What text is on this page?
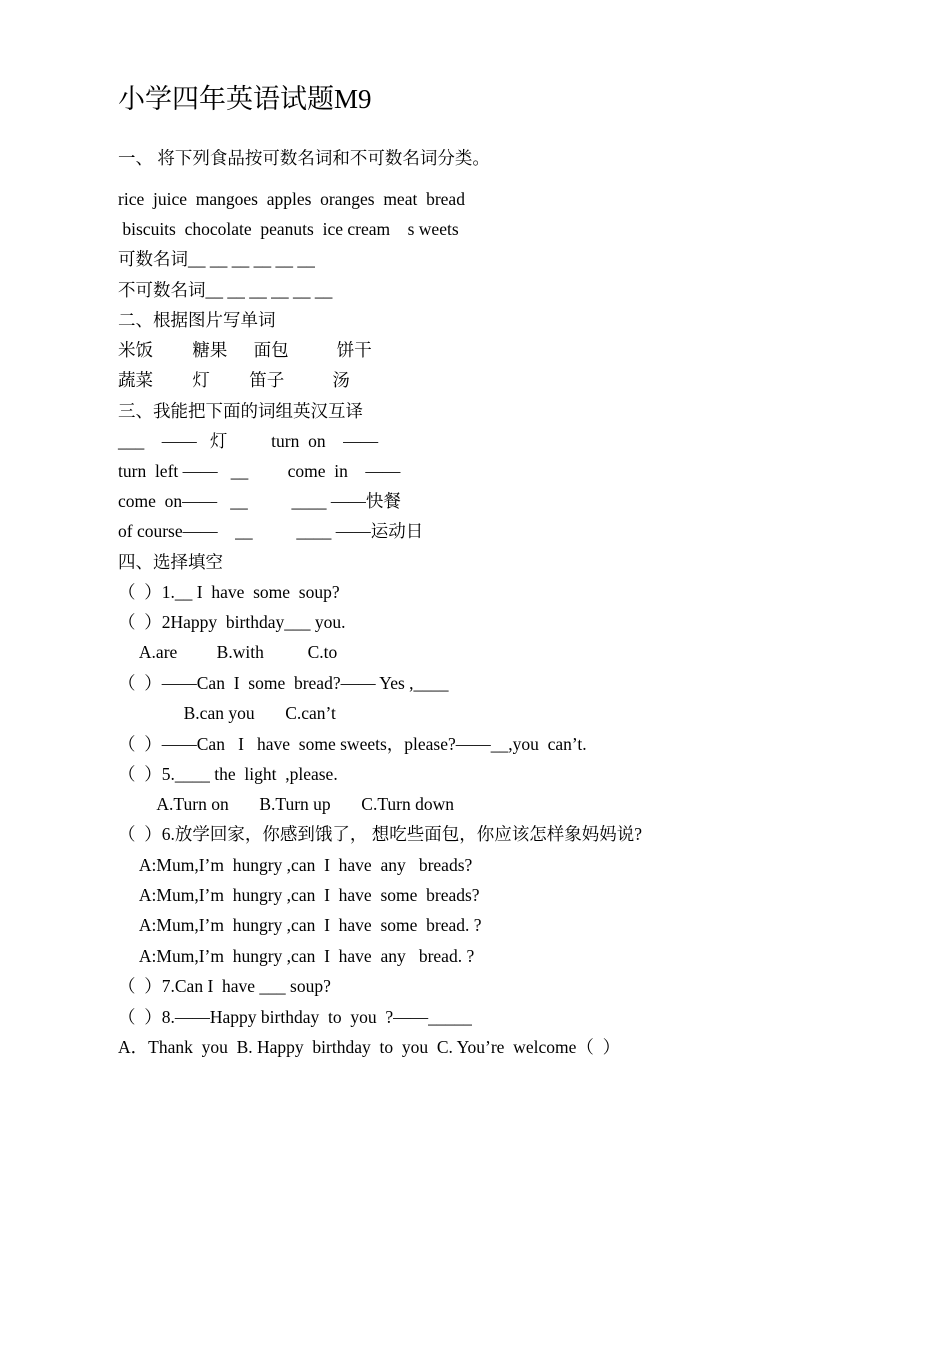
小学四年英语试题M9
一、 将下列食品按可数名词和不可数名词分类。
rice  juice  mangoes  apples  oranges  meat  bread
biscuits  chocolate  peanuts  ice cream    s weets
可数名词__ __ __ __ __ __
不可数名词__ __ __ __ __ __
二、根据图片写单词
米饭         糖果      面包           饼干
蔬菜         灯         笛子           汤
三、我能把下面的词组英汉互译
___    ——   灯          turn  on    ——
turn  left ——   __         come  in    ——
come  on——   __          ____ ——快餐
of course——    __          ____ ——运动日
四、选择填空
（  ）1.__ I  have  some  soup?
（  ）2Happy  birthday___ you.
A.are         B.with          C.to
（  ）——Can  I  some  bread?—— Yes ,____
B.can you       C.can’t
（  ）——Can   I   have  some sweets，please?——__,you  can’t.
（  ）5.____ the  light  ,please.
A.Turn on       B.Turn up       C.Turn down
（  ）6.放学回家，你感到饿了， 想吃些面包，你应该怎样象妈妈说?
A:Mum,I’m  hungry ,can  I  have  any   breads?
A:Mum,I’m  hungry ,can  I  have  some  breads?
A:Mum,I’m  hungry ,can  I  have  some  bread. ?
A:Mum,I’m  hungry ,can  I  have  any   bread. ?
（  ）7.Can I  have ___ soup?
（  ）8.——Happy birthday  to  you  ?——_____
A．Thank  you  B. Happy  birthday  to  you  C. You’re  welcome（  ）
